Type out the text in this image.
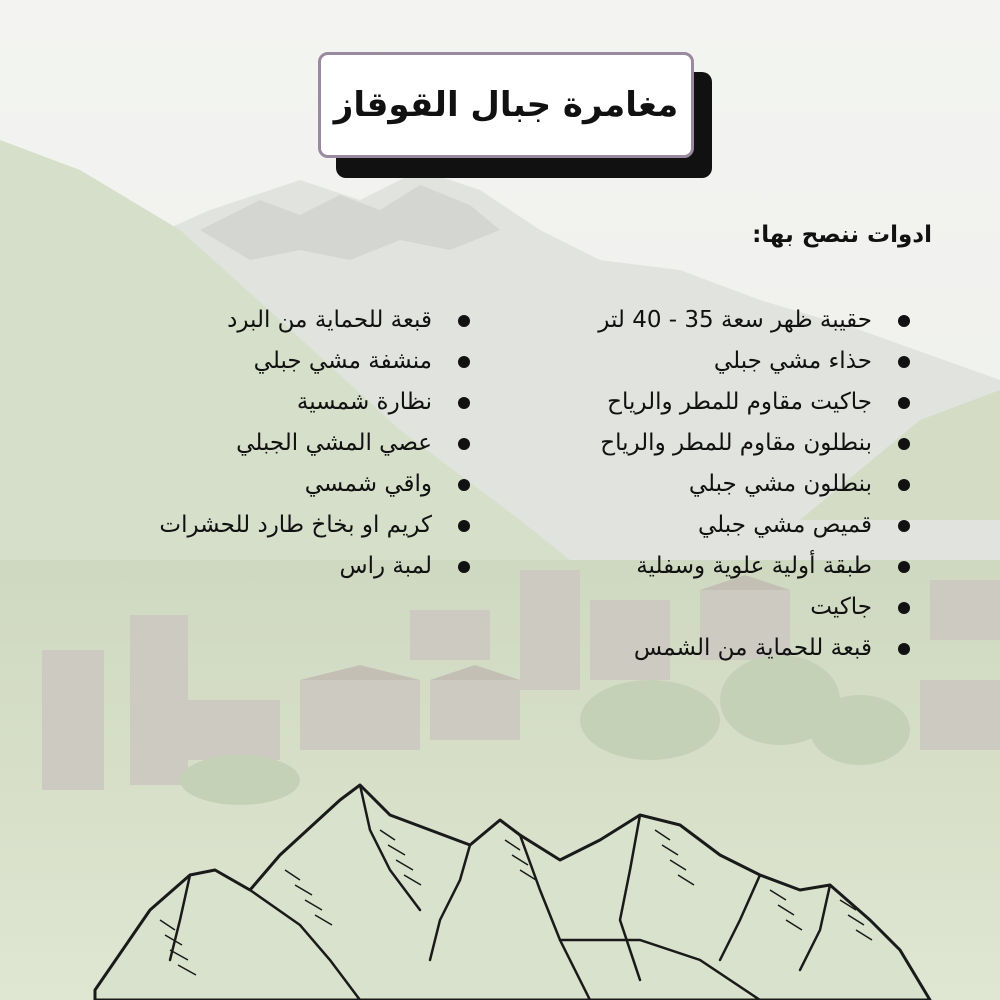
مغامرة جبال القوقاز
ادوات ننصح بها:
حقيبة ظهر سعة 35 - 40 لتر
حذاء مشي جبلي
جاكيت مقاوم للمطر والرياح
بنطلون مقاوم للمطر والرياح
بنطلون مشي جبلي
قميص مشي جبلي
طبقة أولية علوية وسفلية
جاكيت
قبعة للحماية من الشمس
قبعة للحماية من البرد
منشفة مشي جبلي
نظارة شمسية
عصي المشي الجبلي
واقي شمسي
كريم او بخاخ طارد للحشرات
لمبة راس
